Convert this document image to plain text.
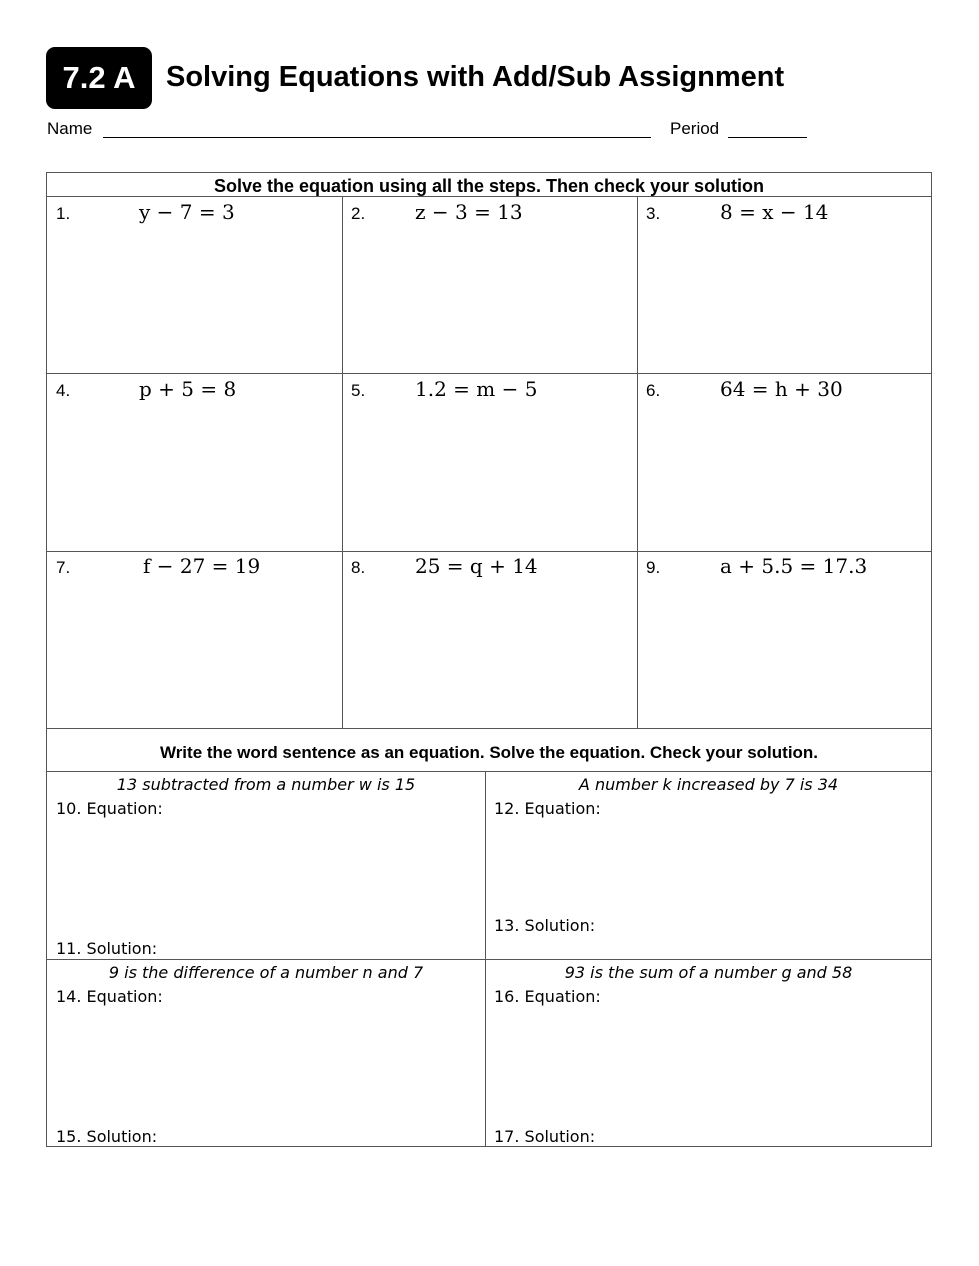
7.2 A	Solving Equations with Add/Sub Assignment
Name	Period
Solve the equation using all the steps. Then check your solution
1.	y − 7 = 3	2. z − 3 = 13	3.	8 = x − 14
4.	p + 5 = 8	5. 1.2 = m − 5	6.	64 = h + 30
7.	f − 27 = 19	8. 25 = q + 14	9.	a + 5.5 = 17.3
Write the word sentence as an equation. Solve the equation. Check your solution.
13 subtracted from a number w is 15
10. Equation:
11. Solution:
A number k increased by 7 is 34
12. Equation:
13. Solution:
9 is the difference of a number n and 7
14. Equation:
15. Solution:
93 is the sum of a number g and 58
16. Equation:
17. Solution:
